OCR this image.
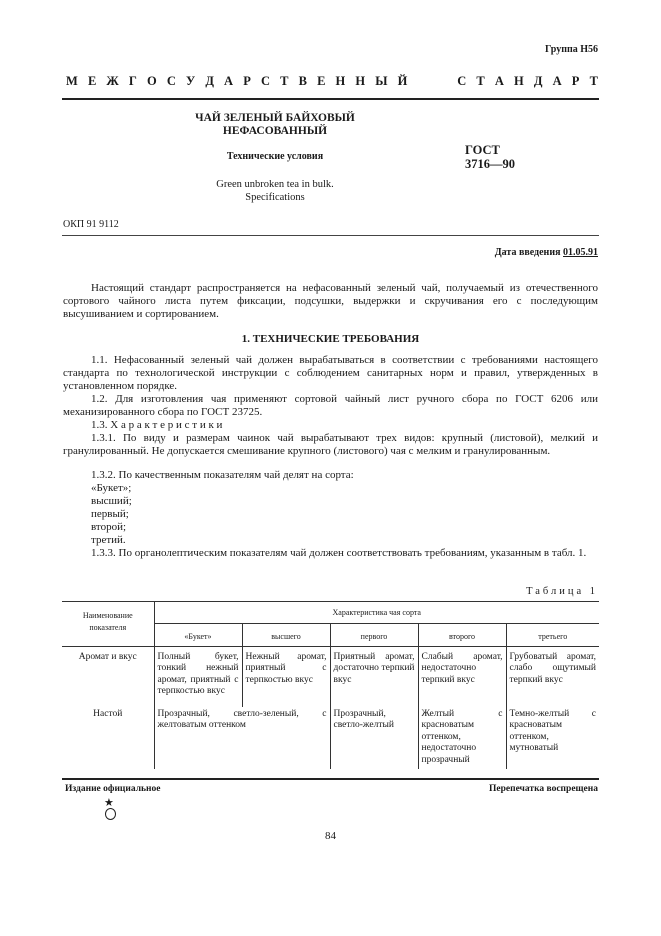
Группа Н56
М Е Ж Г О С У Д А Р С Т В Е Н Н Ы Й

	С Т А Н Д А Р Т
ЧАЙ ЗЕЛЕНЫЙ БАЙХОВЫЙ
НЕФАСОВАННЫЙ
Технические условия
Green unbroken tea in bulk.
Specifications
ГОСТ
3716—90
ОКП 91 9112
Дата введения 01.05.91
Настоящий стандарт распространяется на нефасованный зеленый чай, получаемый из отечественного сортового чайного листа путем фиксации, подсушки, выдержки и скручивания его с последующим высушиванием и сортированием.
1. ТЕХНИЧЕСКИЕ ТРЕБОВАНИЯ
1.1. Нефасованный зеленый чай должен вырабатываться в соответствии с требованиями настоящего стандарта по технологической инструкции с соблюдением санитарных норм и правил, утвержденных в установленном порядке.
1.2. Для изготовления чая применяют сортовой чайный лист ручного сбора по ГОСТ 6206 или механизированного сбора по ГОСТ 23725.
1.3. Х а р а к т е р и с т и к и
1.3.1. По виду и размерам чаинок чай вырабатывают трех видов: крупный (листовой), мелкий и гранулированный. Не допускается смешивание крупного (листового) чая с мелким и гранулированным.
1.3.2. По качественным показателям чай делят на сорта:
«Букет»;
высший;
первый;
второй;
третий.
1.3.3. По органолептическим показателям чай должен соответствовать требованиям, указанным в табл. 1.
Таблица 1
Наименование показателя	Характеристика чая сорта				
	«Букет»	высшего	первого	второго	третьего
Аромат и вкус	Полный букет, тонкий нежный аромат, приятный с терпкостью вкус	Нежный аромат, приятный с терпкостью вкус	Приятный аромат, достаточно терпкий вкус	Слабый аромат, недостаточно терпкий вкус	Грубоватый аромат, слабо ощутимый терпкий вкус
Настой	Прозрачный, светло-зеленый, с желтоватым оттенком		Прозрачный, светло-желтый	Желтый с красноватым оттенком, недостаточно прозрачный	Темно-желтый с красноватым оттенком, мутноватый
Издание официальное	Перепечатка воспрещена
★
84
